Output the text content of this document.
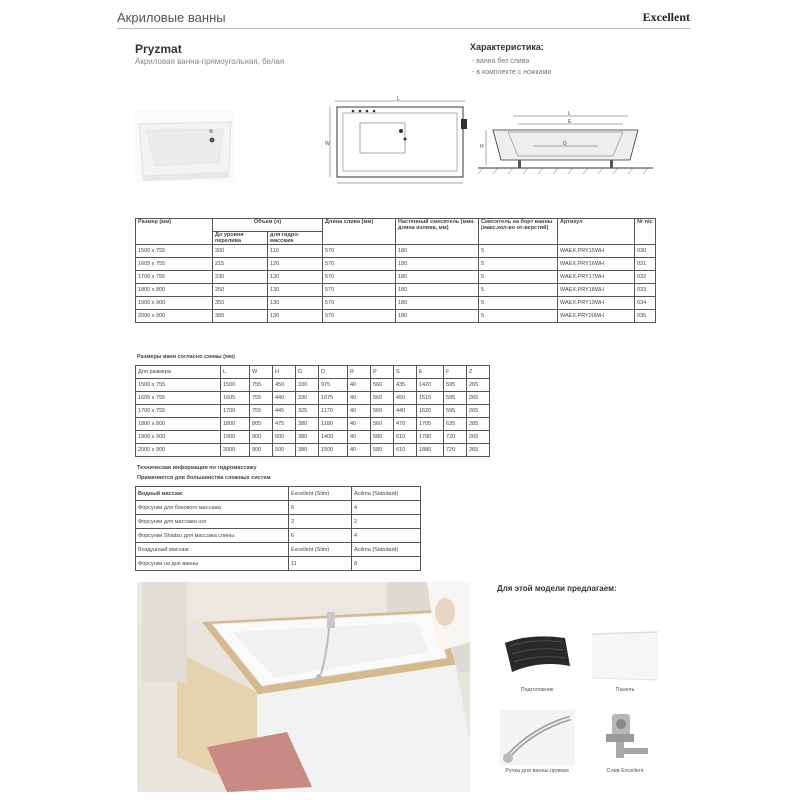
Акриловые ванны	Excellent
Pryzmat
Акриловая ванна-прямоугольная, белая
Характеристика:
- ванна без слива
- в комплекте с ножками
L
W
L
E
D
H
Размер (мм)	Объем (л)		Длина слива (мм)	Настенный смеситель (мин. длина излива, мм)	Смеситель на борт ванны (макс.кол-во от-верстий)	Артикул	Nr nic
	До уровня перелива	для гидро-массажа					
1500 x 755	200	110	570	180	5	WAEX.PRY15WH	030
1605 x 755	215	120	570	180	5	WAEX.PRY16WH	031
1700 x 755	230	130	570	180	5	WAEX.PRY17WH	032
1800 x 800	250	130	570	180	5	WAEX.PRY18WH	033
1900 x 900	350	130	570	180	5	WAEX.PRY19WH	034
2000 x 900	380	130	570	180	5	WAEX.PRY20WH	035
Размеры ванн согласно схемы (мм)
Для размера	L	W	H	G	D	R	P	S	E	F	Z
1500 x 755	1500	755	450	330	975	40	560	435	1420	595	265
1605 x 755	1605	755	440	330	1075	40	560	450	1515	595	265
1700 x 755	1700	755	445	325	1170	40	560	440	1620	595	265
1800 x 800	1800	805	475	380	1190	40	560	470	1705	635	285
1900 x 900	1900	900	500	380	1400	40	580	610	1780	720	265
2000 x 900	2000	900	500	380	1500	40	580	610	1880	720	265
Техническая информация по гидромассажу
Применяется для большинства сложных систем
Водный массаж:	Excellent (Slim)	Actima (Standard)
Форсунки для бокового массажа	6	4
Форсунки для массажа ног	2	2
Форсунки Shiatsu для массажа спины	6	4
Воздушный массаж:	Excellent (Slim)	Actima (Standard)
Форсунки на дне ванны	11	8
Для этой модели предлагаем:
Подголовник	Панель
Ручка для ванны,прямая	Слив Excellent
